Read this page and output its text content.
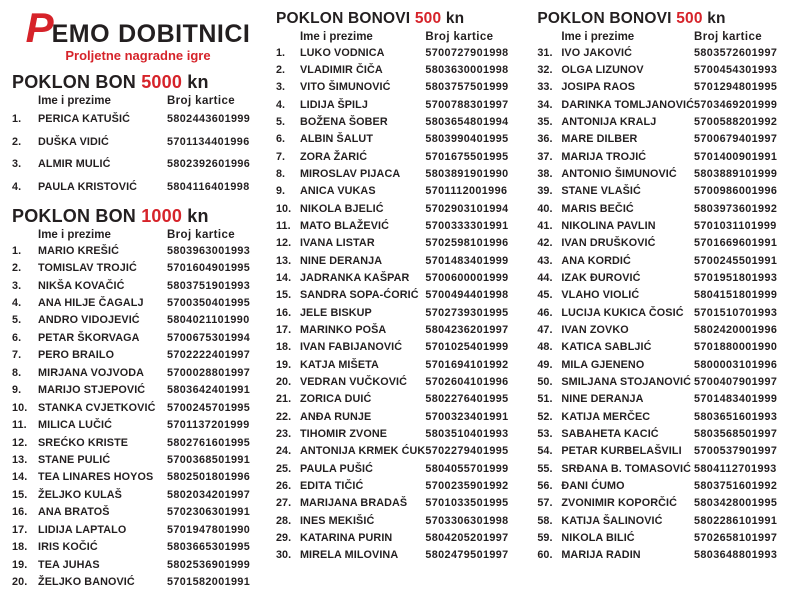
P
EMO DOBITNICI
Proljetne nagradne igre
POKLON BON 5000 kn
Ime i prezime	Broj kartice
1.	PERICA KATUŠIĆ	5802443601999
2.	DUŠKA VIDIĆ	5701134401996
3.	ALMIR MULIĆ	5802392601996
4.	PAULA KRISTOVIĆ	5804116401998
POKLON BON 1000 kn
Ime i prezime	Broj kartice
1.	MARIO KREŠIĆ	5803963001993
2.	TOMISLAV TROJIĆ	5701604901995
3.	NIKŠA KOVAČIĆ	5803751901993
4.	ANA HILJE ČAGALJ	5700350401995
5.	ANDRO VIDOJEVIĆ	5804021101990
6.	PETAR ŠKORVAGA	5700675301994
7.	PERO BRAILO	5702222401997
8.	MIRJANA VOJVODA	5700028801997
9.	MARIJO STJEPOVIĆ	5803642401991
10. STANKA CVJETKOVIĆ	5700245701995
11.	MILICA LUČIĆ	5701137201999
12. SREĆKO KRISTE	5802761601995
13. STANE PULIĆ	5700368501991
14. TEA LINARES HOYOS	5802501801996
15. ŽELJKO KULAŠ	5802034201997
16. ANA BRATOŠ	5702306301991
17. LIDIJA LAPTALO	5701947801990
18. IRIS KOČIĆ	5803665301995
19. TEA JUHAS	5802536901999
20. ŽELJKO BANOVIĆ	5701582001991
POKLON BONOVI 500 kn
Ime i prezime	Broj kartice
1.	LUKO VODNICA	5700727901998
2.	VLADIMIR ČIČA	5803630001998
3.	VITO ŠIMUNOVIĆ	5803757501999
4.	LIDIJA ŠPILJ	5700788301997
5.	BOŽENA ŠOBER	5803654801994
6.	ALBIN ŠALUT	5803990401995
7.	ZORA ŽARIĆ	5701675501995
8.	MIROSLAV PIJACA	5803891901990
9.	ANICA VUKAS	5701112001996
10. NIKOLA BJELIĆ	5702903101994
11. MATO BLAŽEVIĆ	5700333301991
12. IVANA LISTAR	5702598101996
13. NINE DERANJA	5701483401999
14. JADRANKA KAŠPAR	5700600001999
15. SANDRA SOPA-ĆORIĆ 5700494401998
16. JELE BISKUP	5702739301995
17. MARINKO POŠA	5804236201997
18. IVAN FABIJANOVIĆ	5701025401999
19. KATJA MIŠETA	5701694101992
20. VEDRAN VUČKOVIĆ	5702604101996
21. ZORICA DUIĆ	5802276401995
22. ANĐA RUNJE	5700323401991
23. TIHOMIR ZVONE	5803510401993
24. ANTONIJA KRMEK ĆUK 5702279401995
25. PAULA PUŠIĆ	5804055701999
26. EDITA TIČIĆ	5700235901992
27. MARIJANA BRADAŠ	5701033501995
28. INES MEKIŠIĆ	5703306301998
29. KATARINA PURIN	5804205201997
30. MIRELA MILOVINA	5802479501997
POKLON BONOVI 500 kn
Ime i prezime	Broj kartice
31. IVO JAKOVIĆ	5803572601997
32. OLGA LIZUNOV	5700454301993
33. JOSIPA RAOS	5701294801995
34. DARINKA TOMLJANOVIĆ 5703469201999
35. ANTONIJA KRALJ	5700588201992
36. MARE DILBER	5700679401997
37. MARIJA TROJIĆ	5701400901991
38. ANTONIO ŠIMUNOVIĆ	5803889101999
39. STANE VLAŠIĆ	5700986001996
40. MARIS BEČIĆ	5803973601992
41. NIKOLINA PAVLIN	5701031101999
42. IVAN DRUŠKOVIĆ	5701669601991
43. ANA KORDIĆ	5700245501991
44. IZAK ĐUROVIĆ	5701951801993
45. VLAHO VIOLIĆ	5804151801999
46. LUCIJA KUKICA ČOSIĆ 5701510701993
47. IVAN ZOVKO	5802420001996
48. KATICA SABLJIĆ	5701880001990
49. MILA GJENENO	5800003101996
50. SMILJANA STOJANOVIĆ 5700407901997
51. NINE DERANJA	5701483401999
52. KATIJA MERČEC	5803651601993
53. SABAHETA KACIĆ	5803568501997
54. PETAR KURBELAŠVILI	5700537901997
55. SRĐANA B. TOMASOVIĆ 5804112701993
56. ĐANI ĆUMO	5803751601992
57. ZVONIMIR KOPORČIĆ	5803428001995
58. KATIJA ŠALINOVIĆ	5802286101991
59. NIKOLA BILIĆ	5702658101997
60. MARIJA RADIN	5803648801993
